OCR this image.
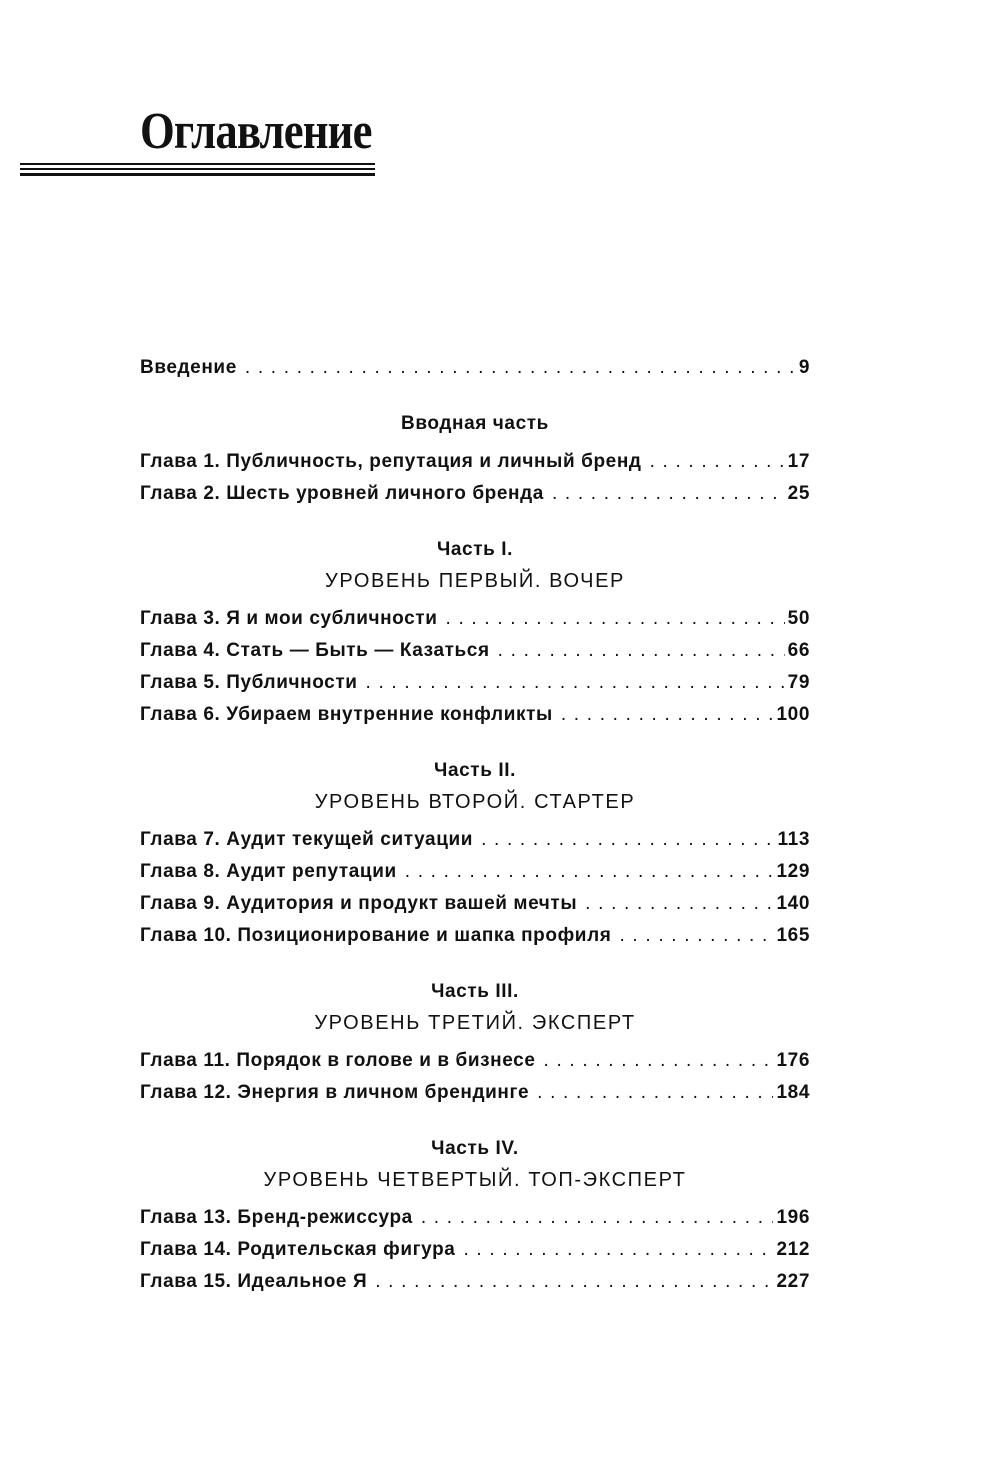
Оглавление
Введение . . .	9
Вводная часть
Глава 1. Публичность, репутация и личный бренд . . .	17
Глава 2. Шесть уровней личного бренда . . .	25
Часть I.
УРОВЕНЬ ПЕРВЫЙ. ВОЧЕР
Глава 3. Я и мои субличности . . .	50
Глава 4. Стать — Быть — Казаться . . .	66
Глава 5. Публичности . . .	79
Глава 6. Убираем внутренние конфликты . . .	100
Часть II.
УРОВЕНЬ ВТОРОЙ. СТАРТЕР
Глава 7. Аудит текущей ситуации . . .	113
Глава 8. Аудит репутации . . .	129
Глава 9. Аудитория и продукт вашей мечты . . .	140
Глава 10. Позиционирование и шапка профиля . . .	165
Часть III.
УРОВЕНЬ ТРЕТИЙ. ЭКСПЕРТ
Глава 11. Порядок в голове и в бизнесе . . .	176
Глава 12. Энергия в личном брендинге . . .	184
Часть IV.
УРОВЕНЬ ЧЕТВЕРТЫЙ. ТОП-ЭКСПЕРТ
Глава 13. Бренд-режиссура . . .	196
Глава 14. Родительская фигура . . .	212
Глава 15. Идеальное Я . . .	227
